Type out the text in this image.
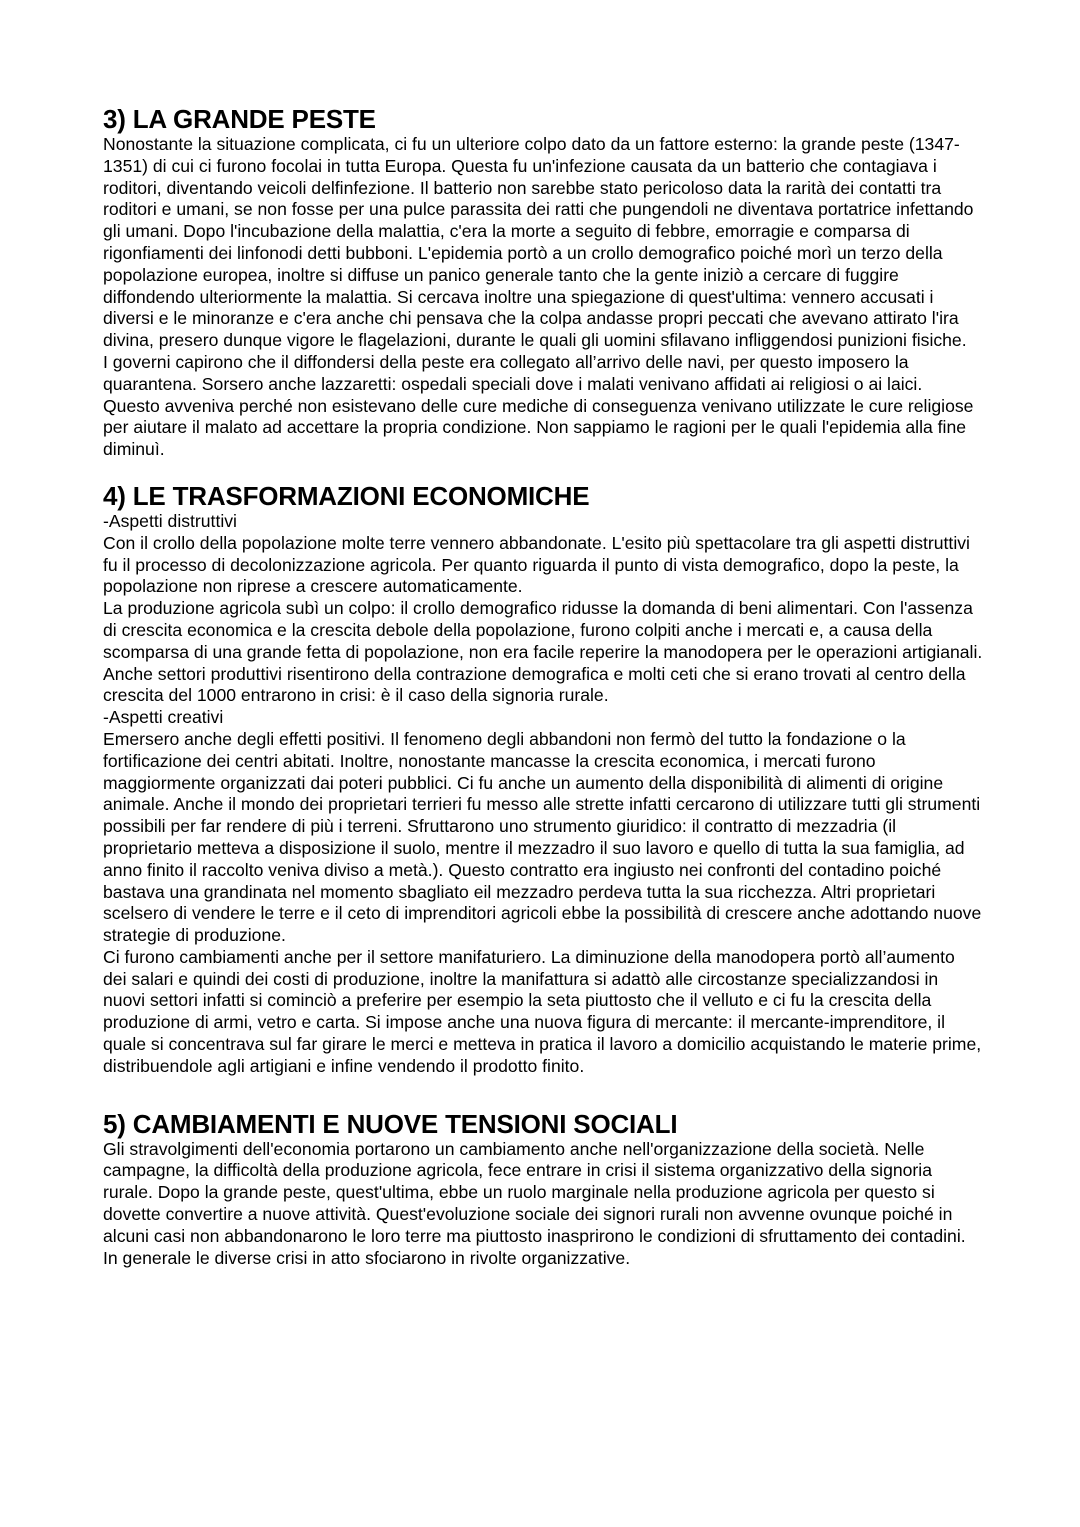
3) LA GRANDE PESTE

Nonostante la situazione complicata, ci fu un ulteriore colpo dato da un fattore esterno: la grande peste (1347-1351) di cui ci furono focolai in tutta Europa. Questa fu un'infezione causata da un batterio che contagiava i roditori, diventando veicoli delfinfezione. Il batterio non sarebbe stato pericoloso data la rarità dei contatti tra roditori e umani, se non fosse per una pulce parassita dei ratti che pungendoli ne diventava portatrice infettando gli umani. Dopo l'incubazione della malattia, c'era la morte a seguito di febbre, emorragie e comparsa di rigonfiamenti dei linfonodi detti bubboni. L'epidemia portò a un crollo demografico poiché morì un terzo della popolazione europea, inoltre si diffuse un panico generale tanto che la gente iniziò a cercare di fuggire diffondendo ulteriormente la malattia. Si cercava inoltre una spiegazione di quest'ultima: vennero accusati i diversi e le minoranze e c'era anche chi pensava che la colpa andasse propri peccati che avevano attirato l'ira divina, presero dunque vigore le flagelazioni, durante le quali gli uomini sfilavano infliggendosi punizioni fisiche.

I governi capirono che il diffondersi della peste era collegato all’arrivo delle navi, per questo imposero la quarantena. Sorsero anche lazzaretti: ospedali speciali dove i malati venivano affidati ai religiosi o ai laici. Questo avveniva perché non esistevano delle cure mediche di conseguenza venivano utilizzate le cure religiose per aiutare il malato ad accettare la propria condizione. Non sappiamo le ragioni per le quali l'epidemia alla fine diminuì.

4) LE TRASFORMAZIONI ECONOMICHE

-Aspetti distruttivi

Con il crollo della popolazione molte terre vennero abbandonate. L'esito più spettacolare tra gli aspetti distruttivi fu il processo di decolonizzazione agricola. Per quanto riguarda il punto di vista demografico, dopo la peste, la popolazione non riprese a crescere automaticamente.

La produzione agricola subì un colpo: il crollo demografico ridusse la domanda di beni alimentari. Con l'assenza di crescita economica e la crescita debole della popolazione, furono colpiti anche i mercati e, a causa della scomparsa di una grande fetta di popolazione, non era facile reperire la manodopera per le operazioni artigianali. Anche settori produttivi risentirono della contrazione demografica e molti ceti che si erano trovati al centro della crescita del 1000 entrarono in crisi: è il caso della signoria rurale.

-Aspetti creativi

Emersero anche degli effetti positivi. Il fenomeno degli abbandoni non fermò del tutto la fondazione o la fortificazione dei centri abitati. Inoltre, nonostante mancasse la crescita economica, i mercati furono maggiormente organizzati dai poteri pubblici. Ci fu anche un aumento della disponibilità di alimenti di origine animale. Anche il mondo dei proprietari terrieri fu messo alle strette infatti cercarono di utilizzare tutti gli strumenti possibili per far rendere di più i terreni. Sfruttarono uno strumento giuridico: il contratto di mezzadria (il proprietario metteva a disposizione il suolo, mentre il mezzadro il suo lavoro e quello di tutta la sua famiglia, ad anno finito il raccolto veniva diviso a metà.). Questo contratto era ingiusto nei confronti del contadino poiché bastava una grandinata nel momento sbagliato eil mezzadro perdeva tutta la sua ricchezza. Altri proprietari scelsero di vendere le terre e il ceto di imprenditori agricoli ebbe la possibilità di crescere anche adottando nuove strategie di produzione.

Ci furono cambiamenti anche per il settore manifaturiero. La diminuzione della manodopera portò all’aumento dei salari e quindi dei costi di produzione, inoltre la manifattura si adattò alle circostanze specializzandosi in nuovi settori infatti si cominciò a preferire per esempio la seta piuttosto che il velluto e ci fu la crescita della produzione di armi, vetro e carta. Si impose anche una nuova figura di mercante: il mercante-imprenditore, il quale si concentrava sul far girare le merci e metteva in pratica il lavoro a domicilio acquistando le materie prime, distribuendole agli artigiani e infine vendendo il prodotto finito.

5) CAMBIAMENTI E NUOVE TENSIONI SOCIALI

Gli stravolgimenti dell'economia portarono un cambiamento anche nell'organizzazione della società. Nelle campagne, la difficoltà della produzione agricola, fece entrare in crisi il sistema organizzativo della signoria rurale. Dopo la grande peste, quest'ultima, ebbe un ruolo marginale nella produzione agricola per questo si dovette convertire a nuove attività. Quest'evoluzione sociale dei signori rurali non avvenne ovunque poiché in alcuni casi non abbandonarono le loro terre ma piuttosto inasprirono le condizioni di sfruttamento dei contadini. In generale le diverse crisi in atto sfociarono in rivolte organizzative.
